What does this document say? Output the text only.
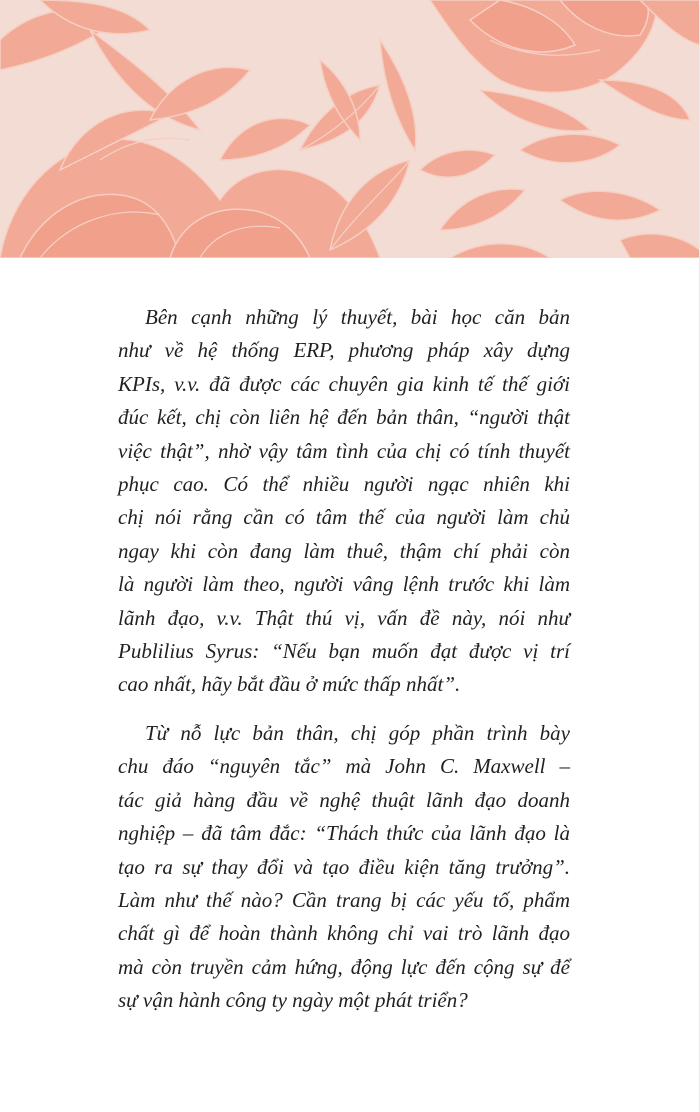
Bên cạnh những lý thuyết, bài học căn bản
như về hệ thống ERP, phương pháp xây dựng
KPIs, v.v. đã được các chuyên gia kinh tế thế giới
đúc kết, chị còn liên hệ đến bản thân, “người thật
việc thật”, nhờ vậy tâm tình của chị có tính thuyết
phục cao. Có thể nhiều người ngạc nhiên khi
chị nói rằng cần có tâm thế của người làm chủ
ngay khi còn đang làm thuê, thậm chí phải còn
là người làm theo, người vâng lệnh trước khi làm
lãnh đạo, v.v. Thật thú vị, vấn đề này, nói như
Publilius Syrus: “Nếu bạn muốn đạt được vị trí
cao nhất, hãy bắt đầu ở mức thấp nhất”.
Từ nỗ lực bản thân, chị góp phần trình bày
chu đáo “nguyên tắc” mà John C. Maxwell –
tác giả hàng đầu về nghệ thuật lãnh đạo doanh
nghiệp – đã tâm đắc: “Thách thức của lãnh đạo là
tạo ra sự thay đổi và tạo điều kiện tăng trưởng”.
Làm như thế nào? Cần trang bị các yếu tố, phẩm
chất gì để hoàn thành không chỉ vai trò lãnh đạo
mà còn truyền cảm hứng, động lực đến cộng sự để
sự vận hành công ty ngày một phát triển?
